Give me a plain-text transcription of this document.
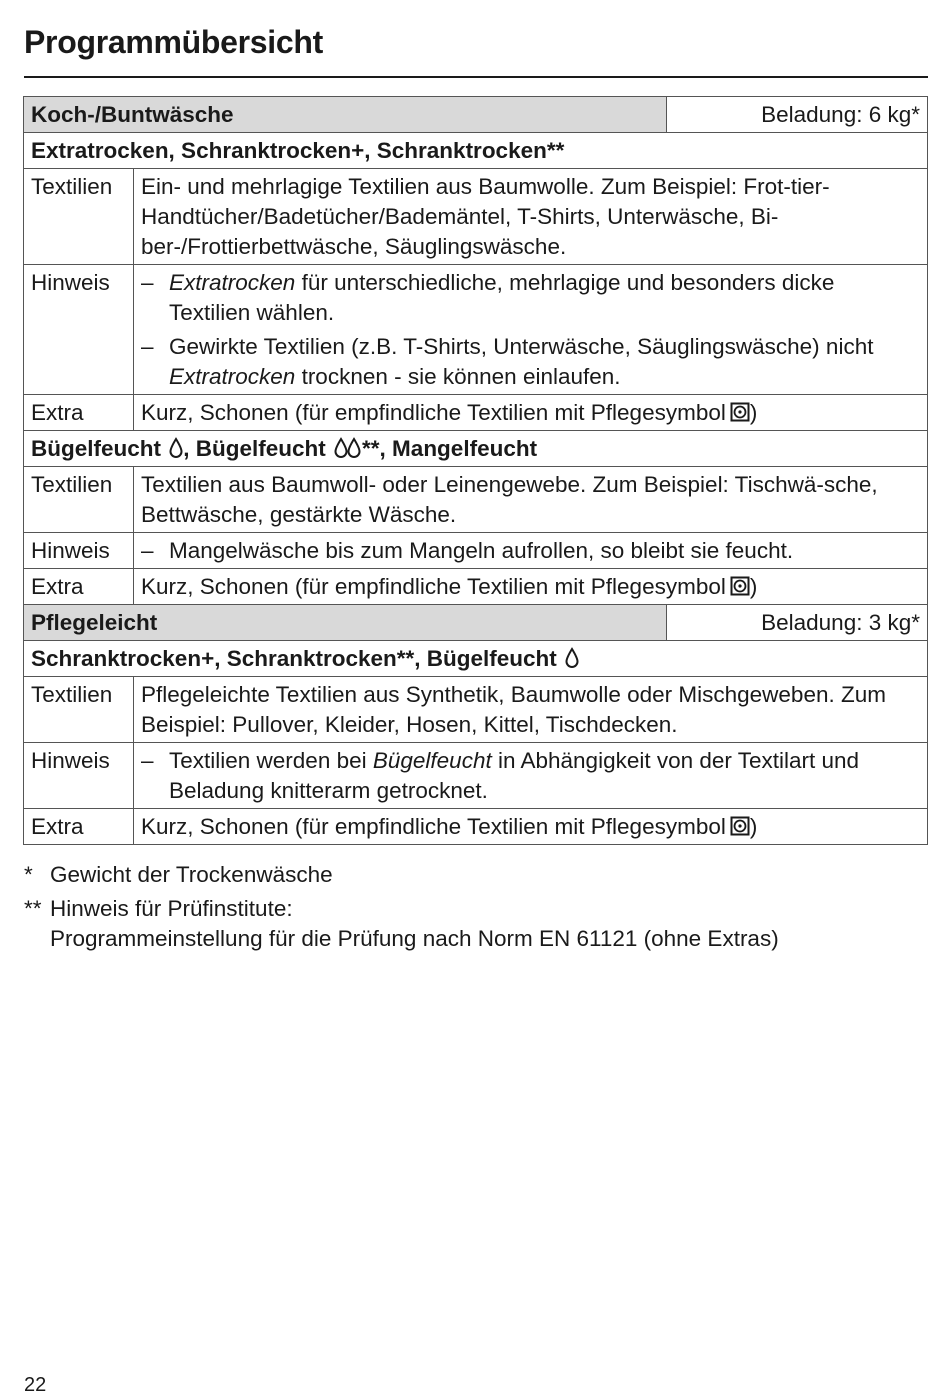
Programmübersicht
Koch-/Buntwäsche		Beladung: 6 kg*
Extratrocken, Schranktrocken+, Schranktrocken**		
Textilien	Ein- und mehrlagige Textilien aus Baumwolle. Zum Beispiel: Frot-tier-Handtücher/Badetücher/Bademäntel, T-Shirts, Unterwäsche, Bi-ber-/Frottierbettwäsche, Säuglingswäsche.	
Hinweis	– Extratrocken für unterschiedliche, mehrlagige und besonders dicke Textilien wählen.
– Gewirkte Textilien (z.B. T-Shirts, Unterwäsche, Säuglingswäsche) nicht Extratrocken trocknen - sie können einlaufen.	

Extra	Kurz, Schonen (für empfindliche Textilien mit Pflegesymbol )	
Bügelfeucht , Bügelfeucht **, Mangelfeucht		
Textilien	Textilien aus Baumwoll- oder Leinengewebe. Zum Beispiel: Tischwä-sche, Bettwäsche, gestärkte Wäsche.	
Hinweis	– Mangelwäsche bis zum Mangeln aufrollen, so bleibt sie feucht.	

Extra	Kurz, Schonen (für empfindliche Textilien mit Pflegesymbol )	
Pflegeleicht		Beladung: 3 kg*
Schranktrocken+, Schranktrocken**, Bügelfeucht		
Textilien	Pflegeleichte Textilien aus Synthetik, Baumwolle oder Mischgeweben. Zum Beispiel: Pullover, Kleider, Hosen, Kittel, Tischdecken.	
Hinweis	– Textilien werden bei Bügelfeucht in Abhängigkeit von der Textilart und Beladung knitterarm getrocknet.	

Extra	Kurz, Schonen (für empfindliche Textilien mit Pflegesymbol )	
* Gewicht der Trockenwäsche
** Hinweis für Prüfinstitute:
Programmeinstellung für die Prüfung nach Norm EN 61121 (ohne Extras)
22
